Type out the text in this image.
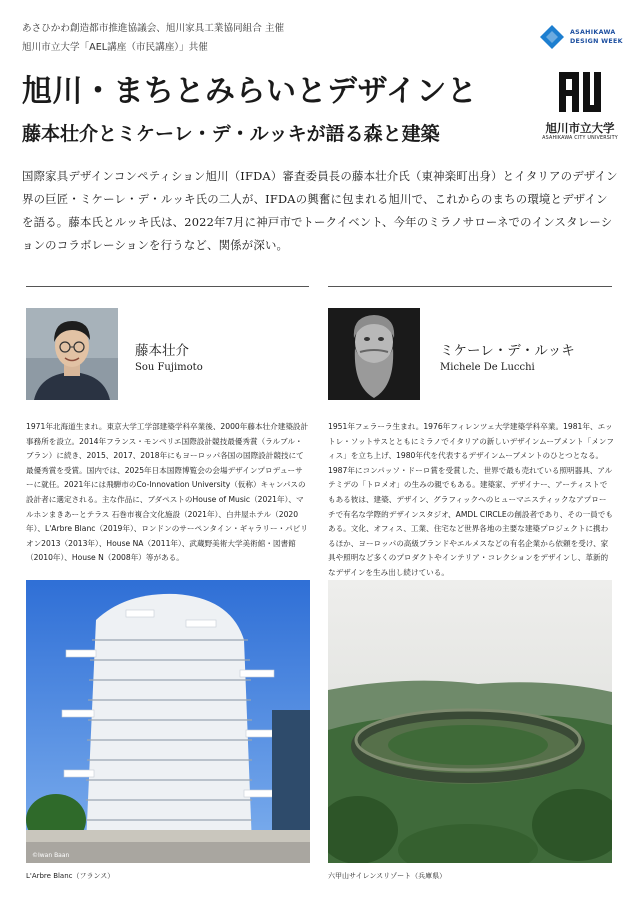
あさひかわ創造都市推進協議会、旭川家具工業協同組合 主催
旭川市立大学「AEL講座（市民講座）」共催
旭川・まちとみらいとデザインと
藤本壮介とミケーレ・デ・ルッキが語る森と建築
ASAHIKAWA
DESIGN WEEK
旭川市立大学
ASAHIKAWA CITY UNIVERSITY
国際家具デザインコンペティション旭川（IFDA）審査委員長の藤本壮介氏（東神楽町出身）とイタリアのデザイン界の巨匠・ミケーレ・デ・ルッキ氏の二人が、IFDAの興奮に包まれる旭川で、これからのまちの環境とデザインを語る。藤本氏とルッキ氏は、2022年7月に神戸市でトークイベント、今年のミラノサローネでのインスタレーションのコラボレーションを行うなど、関係が深い。
藤本壮介
Sou Fujimoto
ミケーレ・デ・ルッキ
Michele De Lucchi
1971年北海道生まれ。東京大学工学部建築学科卒業後、2000年藤本壮介建築設計事務所を設立。2014年フランス・モンペリエ国際設計競技最優秀賞（ラルブル・ブラン）に続き、2015、2017、2018年にもヨーロッパ各国の国際設計競技にて最優秀賞を受賞。国内では、2025年日本国際博覧会の会場デザインプロデューサーに就任。2021年には飛騨市のCo-Innovation University（仮称）キャンパスの設計者に選定される。主な作品に、ブダペストのHouse of Music（2021年）、マルホンまきあーとテラス 石巻市複合文化施設（2021年）、白井屋ホテル（2020年）、L'Arbre Blanc（2019年）、ロンドンのサーペンタイン・ギャラリー・パビリオン2013（2013年）、House NA（2011年）、武蔵野美術大学美術館・図書館（2010年）、House N（2008年）等がある。
1951年フェラーラ生まれ。1976年フィレンツェ大学建築学科卒業。1981年、エットレ・ソットサスとともにミラノでイタリアの新しいデザインムーブメント「メンフィス」を立ち上げ、1980年代を代表するデザインムーブメントのひとつとなる。1987年にコンパッソ・ドーロ賞を受賞した、世界で最も売れている照明器具、アルテミデの「トロメオ」の生みの親でもある。建築家、デザイナー、アーティストでもある彼は、建築、デザイン、グラフィックへのヒューマニスティックなアプローチで有名な学際的デザインスタジオ、AMDL CIRCLEの創設者であり、その一員でもある。文化、オフィス、工業、住宅など世界各地の主要な建築プロジェクトに携わるほか、ヨーロッパの高級ブランドやエルメスなどの有名企業から依頼を受け、家具や照明など多くのプロダクトやインテリア・コレクションをデザインし、革新的なデザインを生み出し続けている。
©Iwan Baan
L'Arbre Blanc（フランス）	六甲山サイレンスリゾート（兵庫県）
